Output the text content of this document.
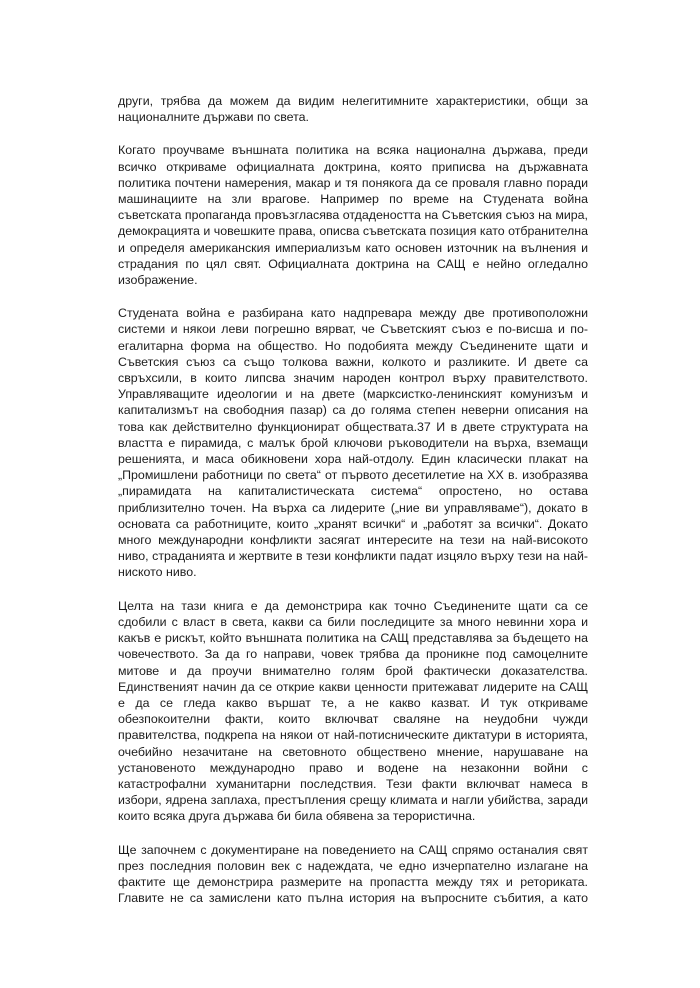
други, трябва да можем да видим нелегитимните характеристики, общи за националните държави по света.

Когато проучваме външната политика на всяка национална държава, преди всичко откриваме официалната доктрина, която приписва на държавната политика почтени намерения, макар и тя понякога да се проваля главно поради машинациите на зли врагове. Например по време на Студената война съветската пропаганда провъзгласява отдадеността на Съветския съюз на мира, демокрацията и човешките права, описва съветската позиция като отбранителна и определя американския империализъм като основен източник на вълнения и страдания по цял свят. Официалната доктрина на САЩ е нейно огледално изображение.

Студената война е разбирана като надпревара между две противоположни системи и някои леви погрешно вярват, че Съветският съюз е по-висша и по-егалитарна форма на общество. Но подобията между Съединените щати и Съветския съюз са също толкова важни, колкото и разликите. И двете са свръхсили, в които липсва значим народен контрол върху правителството. Управляващите идеологии и на двете (марксистко-ленинският комунизъм и капитализмът на свободния пазар) са до голяма степен неверни описания на това как действително функционират обществата.37 И в двете структурата на властта е пирамида, с малък брой ключови ръководители на върха, вземащи решенията, и маса обикновени хора най-отдолу. Един класически плакат на „Промишлени работници по света“ от първото десетилетие на XX в. изобразява „пирамидата на капиталистическата система“ опростено, но остава приблизително точен. На върха са лидерите („ние ви управляваме“), докато в основата са работниците, които „хранят всички“ и „работят за всички“. Докато много международни конфликти засягат интересите на тези на най-високото ниво, страданията и жертвите в тези конфликти падат изцяло върху тези на най-ниското ниво.

Целта на тази книга е да демонстрира как точно Съединените щати са се сдобили с власт в света, какви са били последиците за много невинни хора и какъв е рискът, който външната политика на САЩ представлява за бъдещето на човечеството. За да го направи, човек трябва да проникне под самоцелните митове и да проучи внимателно голям брой фактически доказателства. Единственият начин да се открие какви ценности притежават лидерите на САЩ е да се гледа какво вършат те, а не какво казват. И тук откриваме обезпокоителни факти, които включват сваляне на неудобни чужди правителства, подкрепа на някои от най-потисническите диктатури в историята, очебийно незачитане на световното обществено мнение, нарушаване на установеното международно право и водене на незаконни войни с катастрофални хуманитарни последствия. Тези факти включват намеса в избори, ядрена заплаха, престъпления срещу климата и нагли убийства, заради които всяка друга държава би била обявена за терористична.

Ще започнем с документиране на поведението на САЩ спрямо останалия свят през последния половин век с надеждата, че едно изчерпателно излагане на фактите ще демонстрира размерите на пропастта между тях и реториката. Главите не са замислени като пълна история на въпросните събития, а като
